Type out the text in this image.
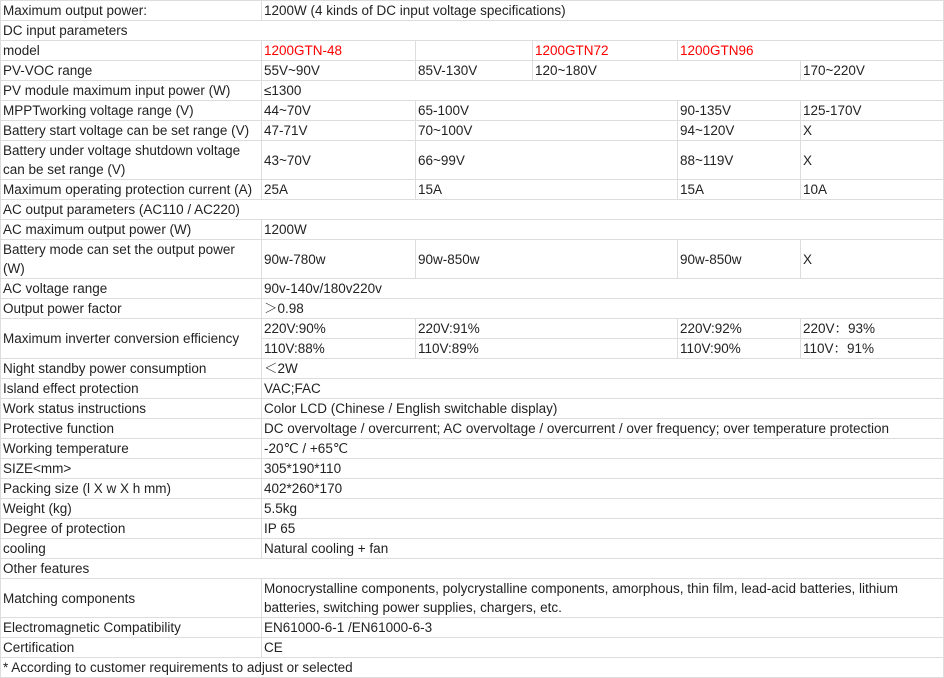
Maximum output power:	1200W (4 kinds of DC input voltage specifications)				
DC input parameters					
model	1200GTN-48		1200GTN72	1200GTN96	
PV-VOC range	55V~90V	85V-130V	120~180V		170~220V
PV module maximum input power (W)	≤1300				
MPPTworking voltage range (V)	44~70V	65-100V		90-135V	125-170V
Battery start voltage can be set range (V)	47-71V	70~100V		94~120V	X
Battery under voltage shutdown voltage can be set range (V)	43~70V	66~99V		88~119V	X
Maximum operating protection current (A)	25A	15A		15A	10A
AC output parameters (AC110 / AC220)					
AC maximum output power (W)	1200W				
Battery mode can set the output power (W)	90w-780w	90w-850w		90w-850w	X
AC voltage range	90v-140v/180v220v				
Output power factor	＞0.98				
Maximum inverter conversion efficiency	220V:90%	220V:91%		220V:92%	220V：93%
	110V:88%	110V:89%		110V:90%	110V：91%
Night standby power consumption	＜2W				
Island effect protection	VAC;FAC				
Work status instructions	Color LCD (Chinese / English switchable display)				
Protective function	DC overvoltage / overcurrent; AC overvoltage / overcurrent / over frequency; over temperature protection				
Working temperature	-20℃ / +65℃				
SIZE<mm>	305*190*110				
Packing size (l X w X h mm)	402*260*170				
Weight (kg)	5.5kg				
Degree of protection	IP 65				
cooling	Natural cooling + fan				
Other features					
Matching components	Monocrystalline components, polycrystalline components, amorphous, thin film, lead-acid batteries, lithium batteries, switching power supplies, chargers, etc.				
Electromagnetic Compatibility	EN61000-6-1 /EN61000-6-3				
Certification	CE				
* According to customer requirements to adjust or selected					
